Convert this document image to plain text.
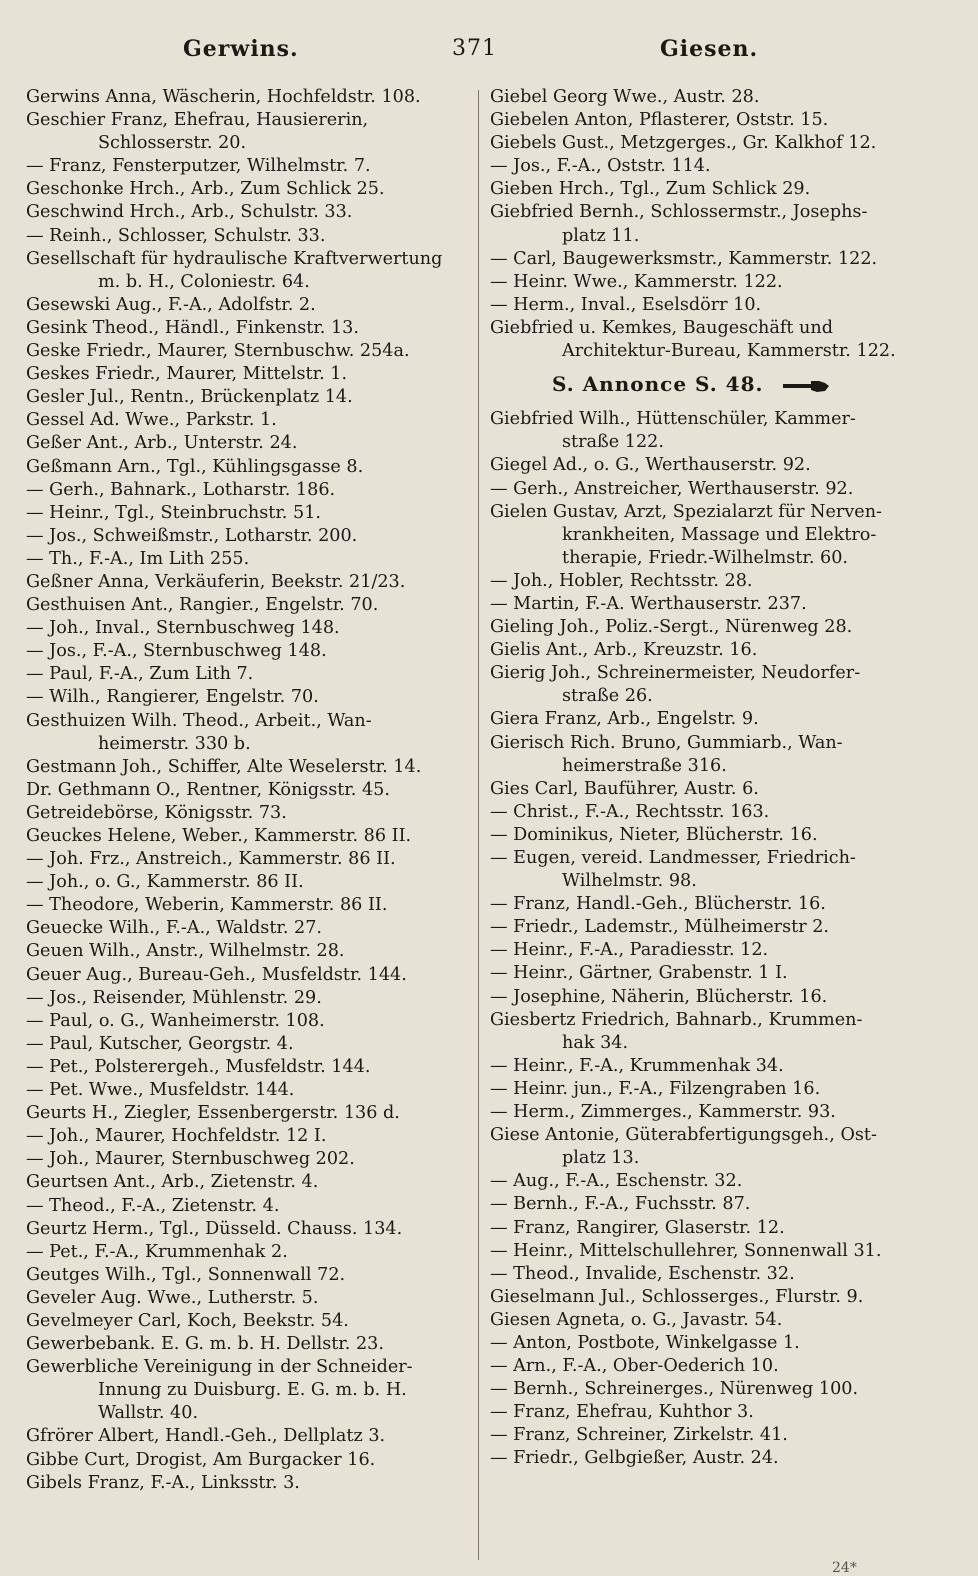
Gerwins.	371	Giesen.
Gerwins Anna, Wäscherin, Hochfeldstr. 108.
Geschier Franz, Ehefrau, Hausiererin,
Schlosserstr. 20.
— Franz, Fensterputzer, Wilhelmstr. 7.
Geschonke Hrch., Arb., Zum Schlick 25.
Geschwind Hrch., Arb., Schulstr. 33.
— Reinh., Schlosser, Schulstr. 33.
Gesellschaft für hydraulische Kraftverwertung
m. b. H., Coloniestr. 64.
Gesewski Aug., F.-A., Adolfstr. 2.
Gesink Theod., Händl., Finkenstr. 13.
Geske Friedr., Maurer, Sternbuschw. 254a.
Geskes Friedr., Maurer, Mittelstr. 1.
Gesler Jul., Rentn., Brückenplatz 14.
Gessel Ad. Wwe., Parkstr. 1.
Geßer Ant., Arb., Unterstr. 24.
Geßmann Arn., Tgl., Kühlingsgasse 8.
— Gerh., Bahnark., Lotharstr. 186.
— Heinr., Tgl., Steinbruchstr. 51.
— Jos., Schweißmstr., Lotharstr. 200.
— Th., F.-A., Im Lith 255.
Geßner Anna, Verkäuferin, Beekstr. 21/23.
Gesthuisen Ant., Rangier., Engelstr. 70.
— Joh., Inval., Sternbuschweg 148.
— Jos., F.-A., Sternbuschweg 148.
— Paul, F.-A., Zum Lith 7.
— Wilh., Rangierer, Engelstr. 70.
Gesthuizen Wilh. Theod., Arbeit., Wan-
heimerstr. 330 b.
Gestmann Joh., Schiffer, Alte Weselerstr. 14.
Dr. Gethmann O., Rentner, Königsstr. 45.
Getreidebörse, Königsstr. 73.
Geuckes Helene, Weber., Kammerstr. 86 II.
— Joh. Frz., Anstreich., Kammerstr. 86 II.
— Joh., o. G., Kammerstr. 86 II.
— Theodore, Weberin, Kammerstr. 86 II.
Geuecke Wilh., F.-A., Waldstr. 27.
Geuen Wilh., Anstr., Wilhelmstr. 28.
Geuer Aug., Bureau-Geh., Musfeldstr. 144.
— Jos., Reisender, Mühlenstr. 29.
— Paul, o. G., Wanheimerstr. 108.
— Paul, Kutscher, Georgstr. 4.
— Pet., Polsterergeh., Musfeldstr. 144.
— Pet. Wwe., Musfeldstr. 144.
Geurts H., Ziegler, Essenbergerstr. 136 d.
— Joh., Maurer, Hochfeldstr. 12 I.
— Joh., Maurer, Sternbuschweg 202.
Geurtsen Ant., Arb., Zietenstr. 4.
— Theod., F.-A., Zietenstr. 4.
Geurtz Herm., Tgl., Düsseld. Chauss. 134.
— Pet., F.-A., Krummenhak 2.
Geutges Wilh., Tgl., Sonnenwall 72.
Geveler Aug. Wwe., Lutherstr. 5.
Gevelmeyer Carl, Koch, Beekstr. 54.
Gewerbebank. E. G. m. b. H. Dellstr. 23.
Gewerbliche Vereinigung in der Schneider-
Innung zu Duisburg. E. G. m. b. H.
Wallstr. 40.
Gfrörer Albert, Handl.-Geh., Dellplatz 3.
Gibbe Curt, Drogist, Am Burgacker 16.
Gibels Franz, F.-A., Linksstr. 3.
Giebel Georg Wwe., Austr. 28.
Giebelen Anton, Pflasterer, Oststr. 15.
Giebels Gust., Metzgerges., Gr. Kalkhof 12.
— Jos., F.-A., Oststr. 114.
Gieben Hrch., Tgl., Zum Schlick 29.
Giebfried Bernh., Schlossermstr., Josephs-
platz 11.
— Carl, Baugewerksmstr., Kammerstr. 122.
— Heinr. Wwe., Kammerstr. 122.
— Herm., Inval., Eselsdörr 10.
Giebfried u. Kemkes, Baugeschäft und
Architektur-Bureau, Kammerstr. 122.
S. Annonce S. 48.
Giebfried Wilh., Hüttenschüler, Kammer-
straße 122.
Giegel Ad., o. G., Werthauserstr. 92.
— Gerh., Anstreicher, Werthauserstr. 92.
Gielen Gustav, Arzt, Spezialarzt für Nerven-
krankheiten, Massage und Elektro-
therapie, Friedr.-Wilhelmstr. 60.
— Joh., Hobler, Rechtsstr. 28.
— Martin, F.-A. Werthauserstr. 237.
Gieling Joh., Poliz.-Sergt., Nürenweg 28.
Gielis Ant., Arb., Kreuzstr. 16.
Gierig Joh., Schreinermeister, Neudorfer-
straße 26.
Giera Franz, Arb., Engelstr. 9.
Gierisch Rich. Bruno, Gummiarb., Wan-
heimerstraße 316.
Gies Carl, Bauführer, Austr. 6.
— Christ., F.-A., Rechtsstr. 163.
— Dominikus, Nieter, Blücherstr. 16.
— Eugen, vereid. Landmesser, Friedrich-
Wilhelmstr. 98.
— Franz, Handl.-Geh., Blücherstr. 16.
— Friedr., Lademstr., Mülheimerstr 2.
— Heinr., F.-A., Paradiesstr. 12.
— Heinr., Gärtner, Grabenstr. 1 I.
— Josephine, Näherin, Blücherstr. 16.
Giesbertz Friedrich, Bahnarb., Krummen-
hak 34.
— Heinr., F.-A., Krummenhak 34.
— Heinr. jun., F.-A., Filzengraben 16.
— Herm., Zimmerges., Kammerstr. 93.
Giese Antonie, Güterabfertigungsgeh., Ost-
platz 13.
— Aug., F.-A., Eschenstr. 32.
— Bernh., F.-A., Fuchsstr. 87.
— Franz, Rangirer, Glaserstr. 12.
— Heinr., Mittelschullehrer, Sonnenwall 31.
— Theod., Invalide, Eschenstr. 32.
Gieselmann Jul., Schlosserges., Flurstr. 9.
Giesen Agneta, o. G., Javastr. 54.
— Anton, Postbote, Winkelgasse 1.
— Arn., F.-A., Ober-Oederich 10.
— Bernh., Schreinerges., Nürenweg 100.
— Franz, Ehefrau, Kuhthor 3.
— Franz, Schreiner, Zirkelstr. 41.
— Friedr., Gelbgießer, Austr. 24.
24*
